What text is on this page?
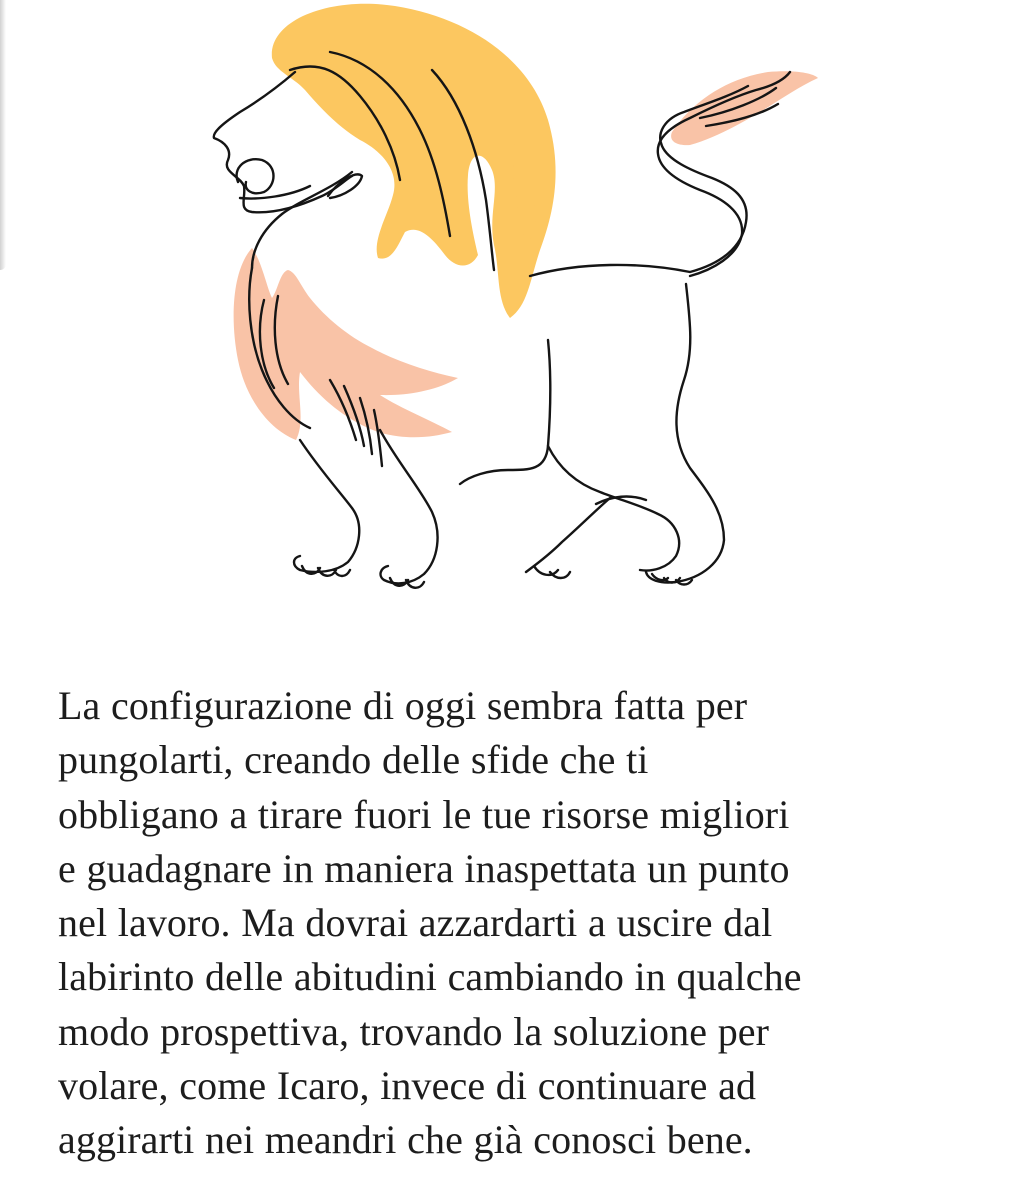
La configurazione di oggi sembra fatta per
pungolarti, creando delle sfide che ti
obbligano a tirare fuori le tue risorse migliori
e guadagnare in maniera inaspettata un punto
nel lavoro. Ma dovrai azzardarti a uscire dal
labirinto delle abitudini cambiando in qualche
modo prospettiva, trovando la soluzione per
volare, come Icaro, invece di continuare ad
aggirarti nei meandri che già conosci bene.
